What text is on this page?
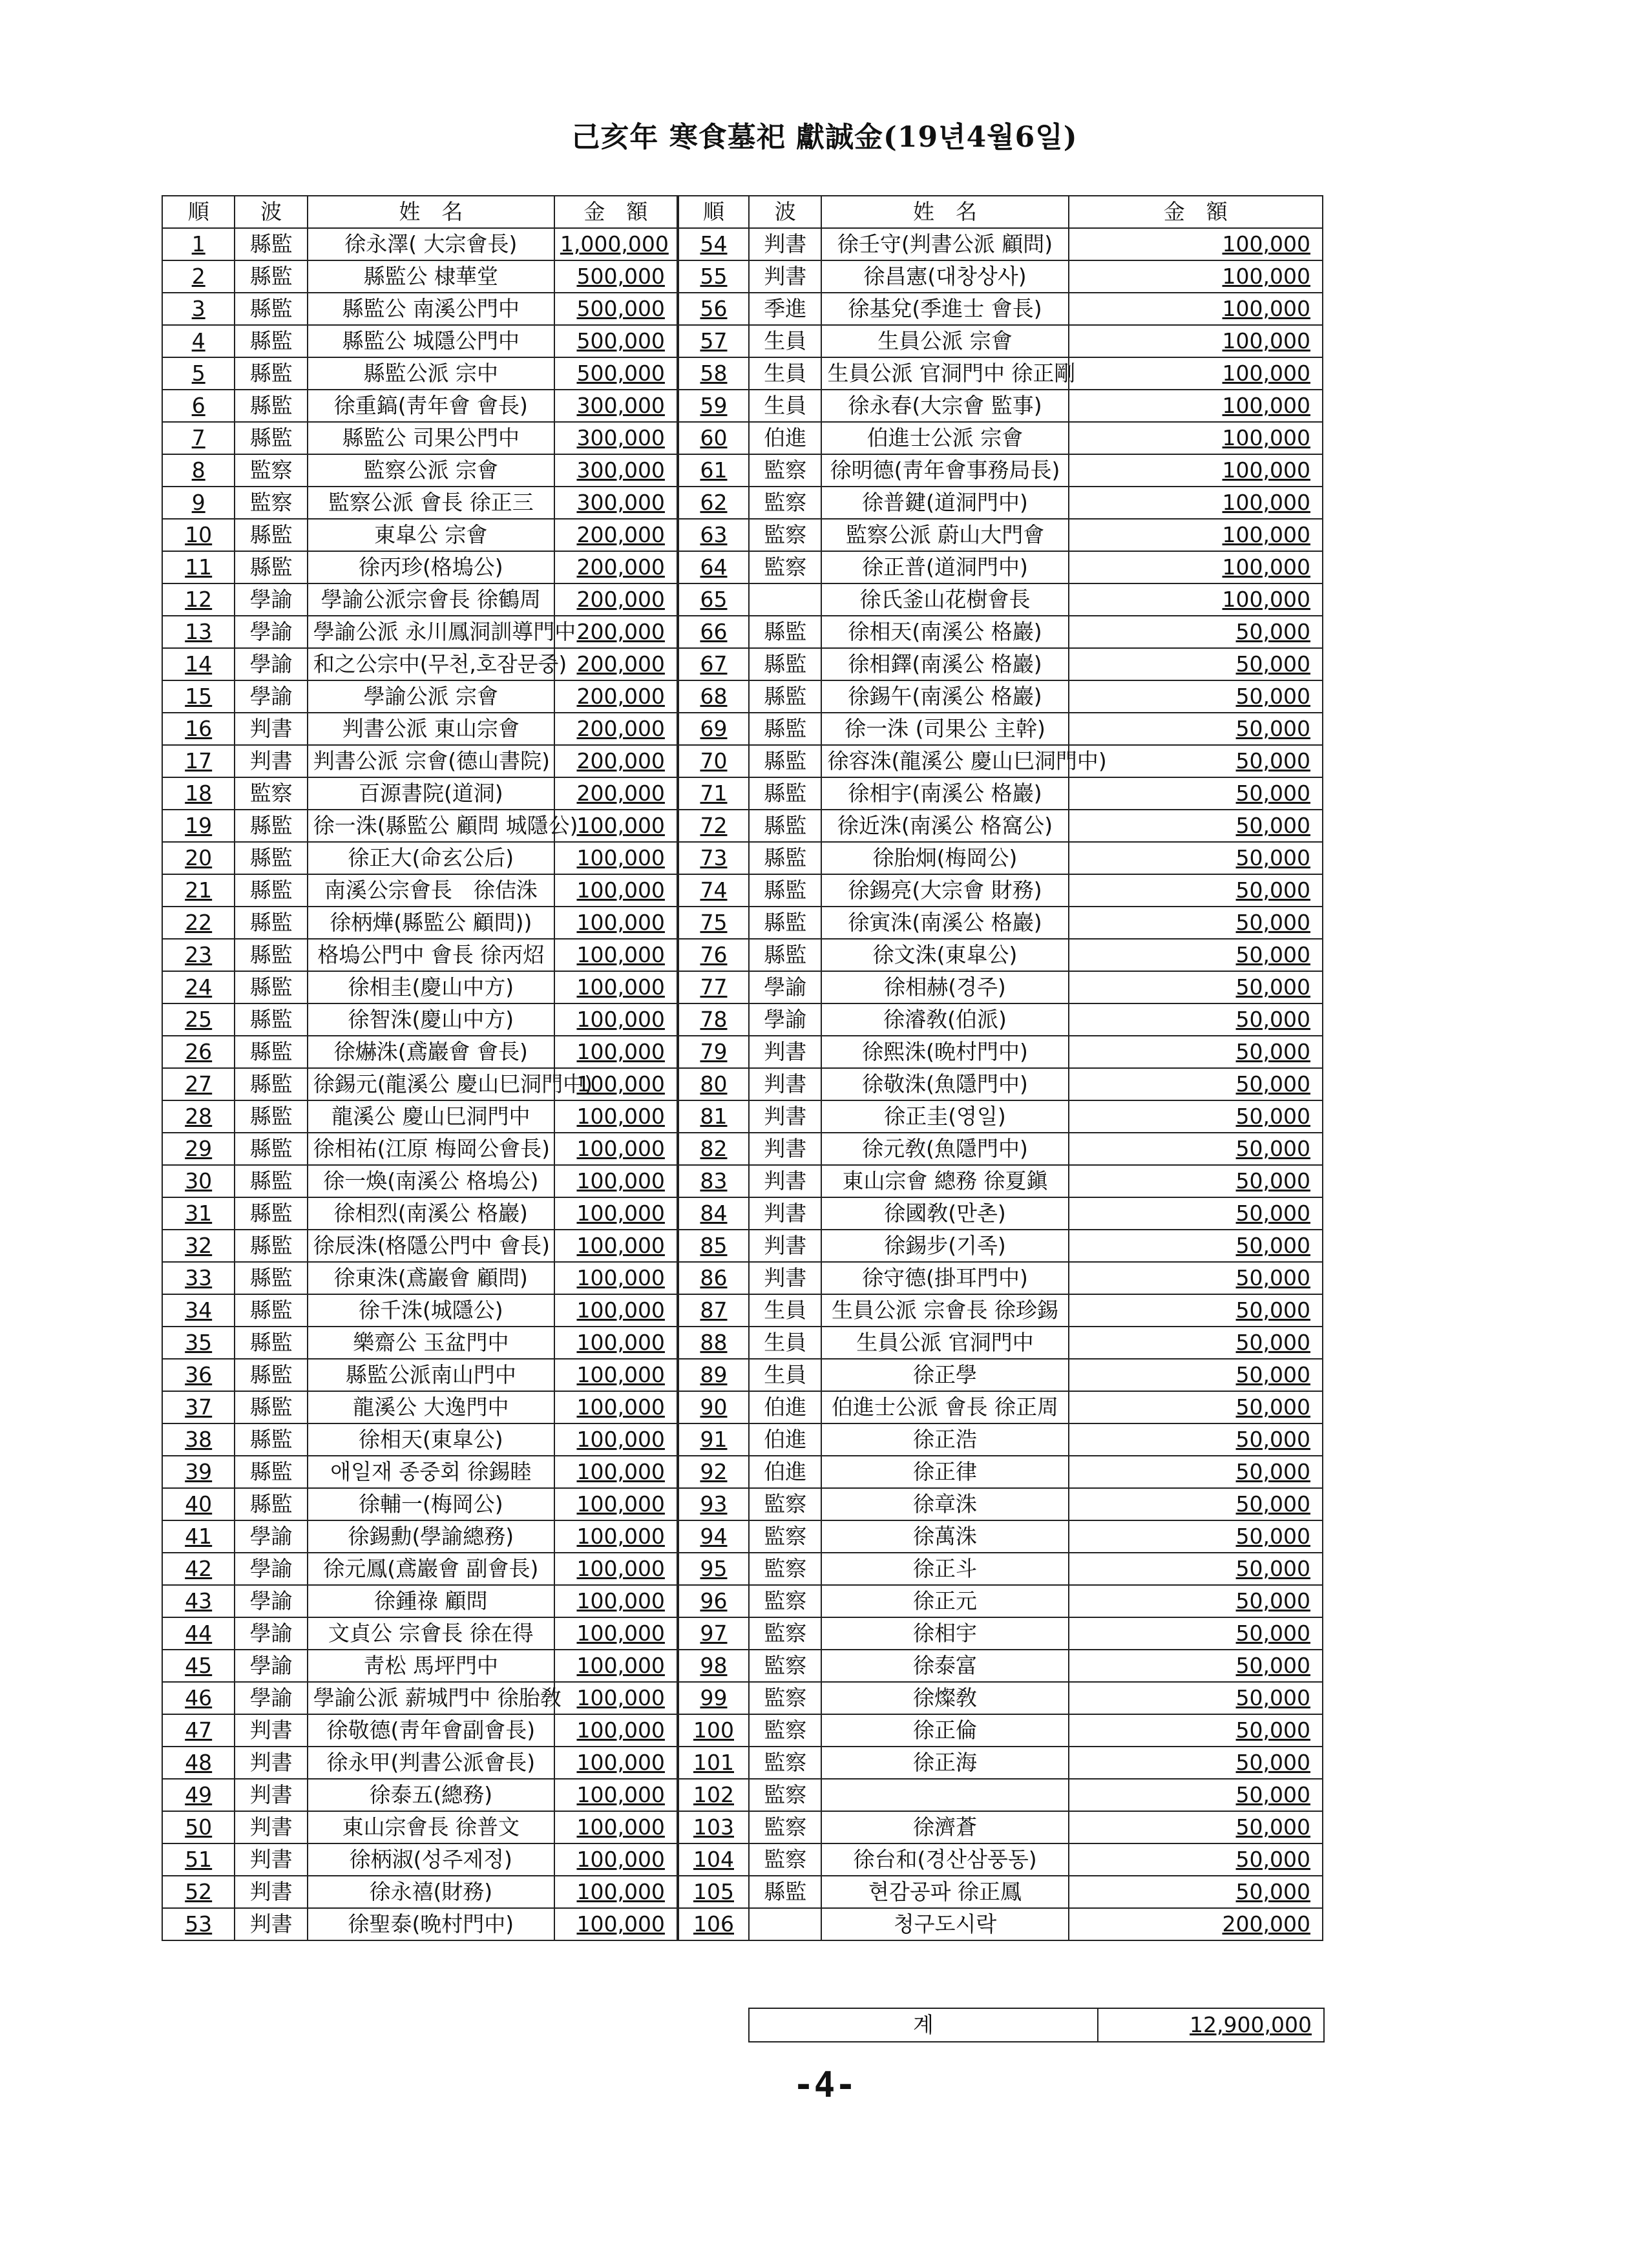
己亥年 寒食墓祀 獻誠金(19년4월6일)
順	波	姓　名	金　額	順	波	姓　名	金　額
1	縣監	徐永澤( 大宗會長)	1,000,000	54	判書	徐壬守(判書公派 顧問)	100,000
2	縣監	縣監公 棣華堂	500,000	55	判書	徐昌憲(대창상사)	100,000
3	縣監	縣監公 南溪公門中	500,000	56	季進	徐基兌(季進士 會長)	100,000
4	縣監	縣監公 城隱公門中	500,000	57	生員	生員公派 宗會	100,000
5	縣監	縣監公派 宗中	500,000	58	生員	生員公派 官洞門中 徐正剛	100,000
6	縣監	徐重鎬(靑年會 會長)	300,000	59	生員	徐永春(大宗會 監事)	100,000
7	縣監	縣監公 司果公門中	300,000	60	伯進	伯進士公派 宗會	100,000
8	監察	監察公派 宗會	300,000	61	監察	徐明德(靑年會事務局長)	100,000
9	監察	監察公派 會長 徐正三	300,000	62	監察	徐普鍵(道洞門中)	100,000
10	縣監	東皐公 宗會	200,000	63	監察	監察公派 蔚山大門會	100,000
11	縣監	徐丙珍(格塢公)	200,000	64	監察	徐正普(道洞門中)	100,000
12	學諭	學諭公派宗會長 徐鶴周	200,000	65		徐氏釜山花樹會長	100,000
13	學諭	學諭公派 永川鳳洞訓導門中	200,000	66	縣監	徐相天(南溪公 格巖)	50,000
14	學諭	和之公宗中(무천,호잠문중)	200,000	67	縣監	徐相鐸(南溪公 格巖)	50,000
15	學諭	學諭公派 宗會	200,000	68	縣監	徐錫午(南溪公 格巖)	50,000
16	判書	判書公派 東山宗會	200,000	69	縣監	徐一洙 (司果公 主幹)	50,000
17	判書	判書公派 宗會(德山書院)	200,000	70	縣監	徐容洙(龍溪公 慶山巳洞門中)	50,000
18	監察	百源書院(道洞)	200,000	71	縣監	徐相宇(南溪公 格巖)	50,000
19	縣監	徐一洙(縣監公 顧問 城隱公)	100,000	72	縣監	徐近洙(南溪公 格窩公)	50,000
20	縣監	徐正大(命玄公后)	100,000	73	縣監	徐胎炯(梅岡公)	50,000
21	縣監	南溪公宗會長　徐佶洙	100,000	74	縣監	徐錫亮(大宗會 財務)	50,000
22	縣監	徐柄燁(縣監公 顧問))	100,000	75	縣監	徐寅洙(南溪公 格巖)	50,000
23	縣監	格塢公門中 會長 徐丙炤	100,000	76	縣監	徐文洙(東皐公)	50,000
24	縣監	徐相圭(慶山中方)	100,000	77	學諭	徐相赫(경주)	50,000
25	縣監	徐智洙(慶山中方)	100,000	78	學諭	徐濬敎(伯派)	50,000
26	縣監	徐爀洙(鳶巖會 會長)	100,000	79	判書	徐熙洙(晩村門中)	50,000
27	縣監	徐錫元(龍溪公 慶山巳洞門中)	100,000	80	判書	徐敬洙(魚隱門中)	50,000
28	縣監	龍溪公 慶山巳洞門中	100,000	81	判書	徐正圭(영일)	50,000
29	縣監	徐相祐(江原 梅岡公會長)	100,000	82	判書	徐元敎(魚隱門中)	50,000
30	縣監	徐一煥(南溪公 格塢公)	100,000	83	判書	東山宗會 總務 徐夏鎭	50,000
31	縣監	徐相烈(南溪公 格巖)	100,000	84	判書	徐國敎(만촌)	50,000
32	縣監	徐辰洙(格隱公門中 會長)	100,000	85	判書	徐錫步(기족)	50,000
33	縣監	徐東洙(鳶巖會 顧問)	100,000	86	判書	徐守德(掛耳門中)	50,000
34	縣監	徐千洙(城隱公)	100,000	87	生員	生員公派 宗會長 徐珍錫	50,000
35	縣監	樂齋公 玉盆門中	100,000	88	生員	生員公派 官洞門中	50,000
36	縣監	縣監公派南山門中	100,000	89	生員	徐正學	50,000
37	縣監	龍溪公 大逸門中	100,000	90	伯進	伯進士公派 會長 徐正周	50,000
38	縣監	徐相天(東皐公)	100,000	91	伯進	徐正浩	50,000
39	縣監	애일재 종중회 徐錫睦	100,000	92	伯進	徐正律	50,000
40	縣監	徐輔一(梅岡公)	100,000	93	監察	徐章洙	50,000
41	學諭	徐錫勳(學諭總務)	100,000	94	監察	徐萬洙	50,000
42	學諭	徐元鳳(鳶巖會 副會長)	100,000	95	監察	徐正斗	50,000
43	學諭	徐鍾祿 顧問	100,000	96	監察	徐正元	50,000
44	學諭	文貞公 宗會長 徐在得	100,000	97	監察	徐相宇	50,000
45	學諭	靑松 馬坪門中	100,000	98	監察	徐泰富	50,000
46	學諭	學諭公派 薪城門中 徐胎敎	100,000	99	監察	徐燦敎	50,000
47	判書	徐敬德(靑年會副會長)	100,000	100	監察	徐正倫	50,000
48	判書	徐永甲(判書公派會長)	100,000	101	監察	徐正海	50,000
49	判書	徐泰五(總務)	100,000	102	監察		50,000
50	判書	東山宗會長 徐普文	100,000	103	監察	徐濟蒼	50,000
51	判書	徐柄淑(성주제정)	100,000	104	監察	徐台和(경산삼풍동)	50,000
52	判書	徐永禧(財務)	100,000	105	縣監	현감공파 徐正鳳	50,000
53	判書	徐聖泰(晩村門中)	100,000	106		청구도시락	200,000
계	12,900,000
-4-
